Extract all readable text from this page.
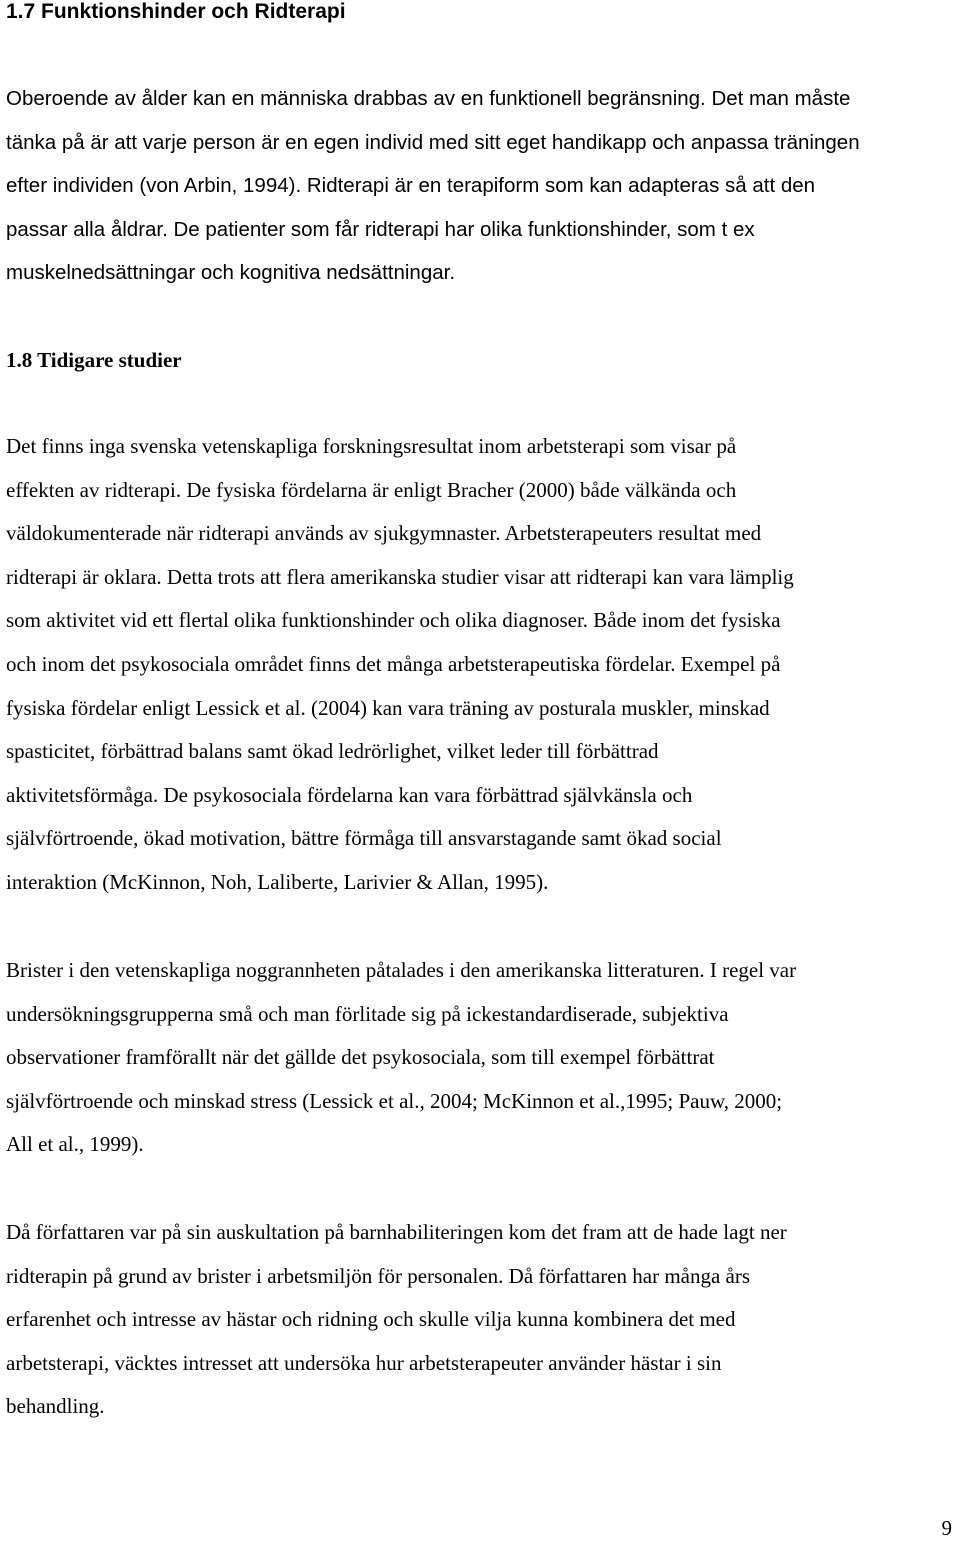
1.7 Funktionshinder och Ridterapi

Oberoende av ålder kan en människa drabbas av en funktionell begränsning. Det man måste
tänka på är att varje person är en egen individ med sitt eget handikapp och anpassa träningen
efter individen (von Arbin, 1994). Ridterapi är en terapiform som kan adapteras så att den
passar alla åldrar. De patienter som får ridterapi har olika funktionshinder, som t ex
muskelnedsättningar och kognitiva nedsättningar.

1.8 Tidigare studier

Det finns inga svenska vetenskapliga forskningsresultat inom arbetsterapi som visar på
effekten av ridterapi. De fysiska fördelarna är enligt Bracher (2000) både välkända och
väldokumenterade när ridterapi används av sjukgymnaster. Arbetsterapeuters resultat med
ridterapi är oklara. Detta trots att flera amerikanska studier visar att ridterapi kan vara lämplig
som aktivitet vid ett flertal olika funktionshinder och olika diagnoser. Både inom det fysiska
och inom det psykosociala området finns det många arbetsterapeutiska fördelar. Exempel på
fysiska fördelar enligt Lessick et al. (2004) kan vara träning av posturala muskler, minskad
spasticitet, förbättrad balans samt ökad ledrörlighet, vilket leder till förbättrad
aktivitetsförmåga. De psykosociala fördelarna kan vara förbättrad självkänsla och
självförtroende, ökad motivation, bättre förmåga till ansvarstagande samt ökad social
interaktion (McKinnon, Noh, Laliberte, Larivier & Allan, 1995).

Brister i den vetenskapliga noggrannheten påtalades i den amerikanska litteraturen. I regel var
undersökningsgrupperna små och man förlitade sig på ickestandardiserade, subjektiva
observationer framförallt när det gällde det psykosociala, som till exempel förbättrat
självförtroende och minskad stress (Lessick et al., 2004; McKinnon et al.,1995; Pauw, 2000;
All et al., 1999).

Då författaren var på sin auskultation på barnhabiliteringen kom det fram att de hade lagt ner
ridterapin på grund av brister i arbetsmiljön för personalen. Då författaren har många års
erfarenhet och intresse av hästar och ridning och skulle vilja kunna kombinera det med
arbetsterapi, väcktes intresset att undersöka hur arbetsterapeuter använder hästar i sin
behandling.

9
